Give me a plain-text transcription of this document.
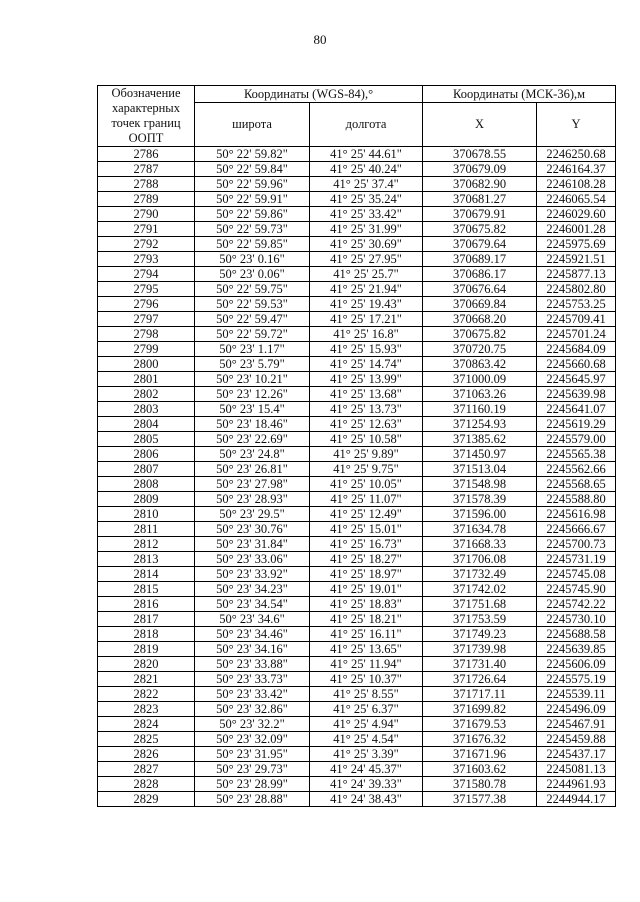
80
Обозначение
характерных
точек границ
ООПТ	Координаты (WGS-84),°		Координаты (МСК-36),м	
	широта	долгота	X	Y
2786	50° 22' 59.82"	41° 25' 44.61"	370678.55	2246250.68
2787	50° 22' 59.84"	41° 25' 40.24"	370679.09	2246164.37
2788	50° 22' 59.96"	41° 25' 37.4"	370682.90	2246108.28
2789	50° 22' 59.91"	41° 25' 35.24"	370681.27	2246065.54
2790	50° 22' 59.86"	41° 25' 33.42"	370679.91	2246029.60
2791	50° 22' 59.73"	41° 25' 31.99"	370675.82	2246001.28
2792	50° 22' 59.85"	41° 25' 30.69"	370679.64	2245975.69
2793	50° 23' 0.16"	41° 25' 27.95"	370689.17	2245921.51
2794	50° 23' 0.06"	41° 25' 25.7"	370686.17	2245877.13
2795	50° 22' 59.75"	41° 25' 21.94"	370676.64	2245802.80
2796	50° 22' 59.53"	41° 25' 19.43"	370669.84	2245753.25
2797	50° 22' 59.47"	41° 25' 17.21"	370668.20	2245709.41
2798	50° 22' 59.72"	41° 25' 16.8"	370675.82	2245701.24
2799	50° 23' 1.17"	41° 25' 15.93"	370720.75	2245684.09
2800	50° 23' 5.79"	41° 25' 14.74"	370863.42	2245660.68
2801	50° 23' 10.21"	41° 25' 13.99"	371000.09	2245645.97
2802	50° 23' 12.26"	41° 25' 13.68"	371063.26	2245639.98
2803	50° 23' 15.4"	41° 25' 13.73"	371160.19	2245641.07
2804	50° 23' 18.46"	41° 25' 12.63"	371254.93	2245619.29
2805	50° 23' 22.69"	41° 25' 10.58"	371385.62	2245579.00
2806	50° 23' 24.8"	41° 25' 9.89"	371450.97	2245565.38
2807	50° 23' 26.81"	41° 25' 9.75"	371513.04	2245562.66
2808	50° 23' 27.98"	41° 25' 10.05"	371548.98	2245568.65
2809	50° 23' 28.93"	41° 25' 11.07"	371578.39	2245588.80
2810	50° 23' 29.5"	41° 25' 12.49"	371596.00	2245616.98
2811	50° 23' 30.76"	41° 25' 15.01"	371634.78	2245666.67
2812	50° 23' 31.84"	41° 25' 16.73"	371668.33	2245700.73
2813	50° 23' 33.06"	41° 25' 18.27"	371706.08	2245731.19
2814	50° 23' 33.92"	41° 25' 18.97"	371732.49	2245745.08
2815	50° 23' 34.23"	41° 25' 19.01"	371742.02	2245745.90
2816	50° 23' 34.54"	41° 25' 18.83"	371751.68	2245742.22
2817	50° 23' 34.6"	41° 25' 18.21"	371753.59	2245730.10
2818	50° 23' 34.46"	41° 25' 16.11"	371749.23	2245688.58
2819	50° 23' 34.16"	41° 25' 13.65"	371739.98	2245639.85
2820	50° 23' 33.88"	41° 25' 11.94"	371731.40	2245606.09
2821	50° 23' 33.73"	41° 25' 10.37"	371726.64	2245575.19
2822	50° 23' 33.42"	41° 25' 8.55"	371717.11	2245539.11
2823	50° 23' 32.86"	41° 25' 6.37"	371699.82	2245496.09
2824	50° 23' 32.2"	41° 25' 4.94"	371679.53	2245467.91
2825	50° 23' 32.09"	41° 25' 4.54"	371676.32	2245459.88
2826	50° 23' 31.95"	41° 25' 3.39"	371671.96	2245437.17
2827	50° 23' 29.73"	41° 24' 45.37"	371603.62	2245081.13
2828	50° 23' 28.99"	41° 24' 39.33"	371580.78	2244961.93
2829	50° 23' 28.88"	41° 24' 38.43"	371577.38	2244944.17
